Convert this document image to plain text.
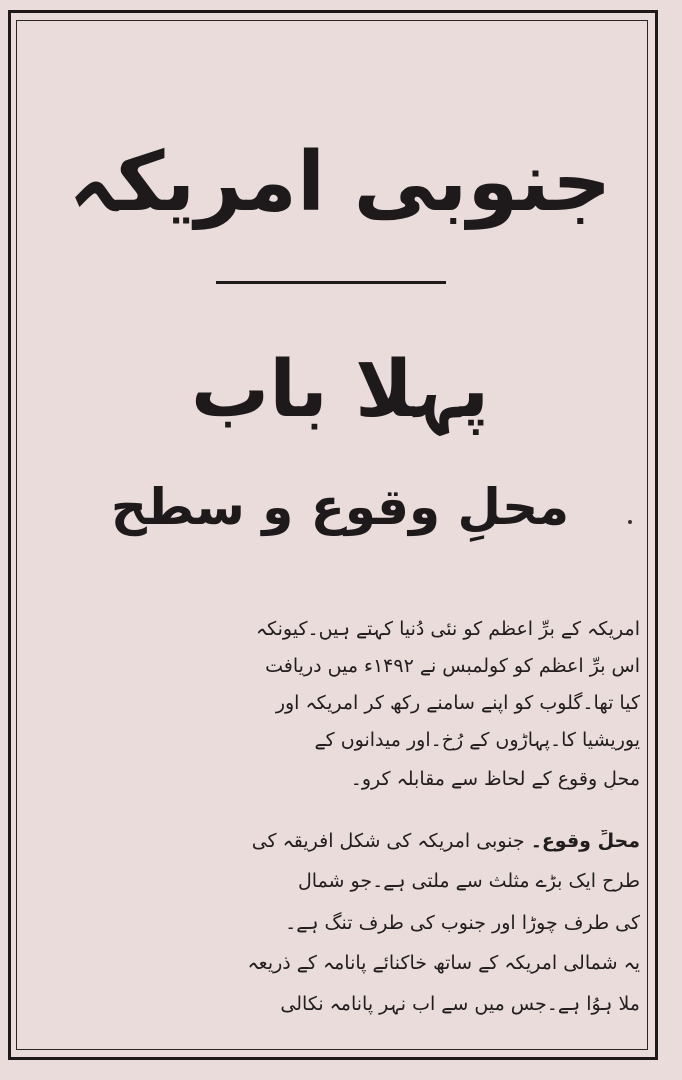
جنوبی امریکہ
پہلا باب
محلِ وقوع و سطح
امریکہ کے برِّ اعظم کو نئی دُنیا کہتے ہیں۔کیونکہ
اس برِّ اعظم کو کولمبس نے ۱۴۹۲ء میں دریافت
کیا تھا۔گلوب کو اپنے سامنے رکھ کر امریکہ اور
یوریشیا کا۔پہاڑوں کے رُخ۔اور میدانوں کے
محلِ وقوع کے لحاظ سے مقابلہ کرو۔
محلِّ وقوع۔ جنوبی امریکہ کی شکل افریقہ کی
طرح ایک بڑے مثلث سے ملتی ہے۔جو شمال
کی طرف چوڑا اور جنوب کی طرف تنگ ہے۔
یہ شمالی امریکہ کے ساتھ خاکنائے پانامہ کے ذریعہ
ملا ہوُا ہے۔جس میں سے اب نہر پانامہ نکالی
